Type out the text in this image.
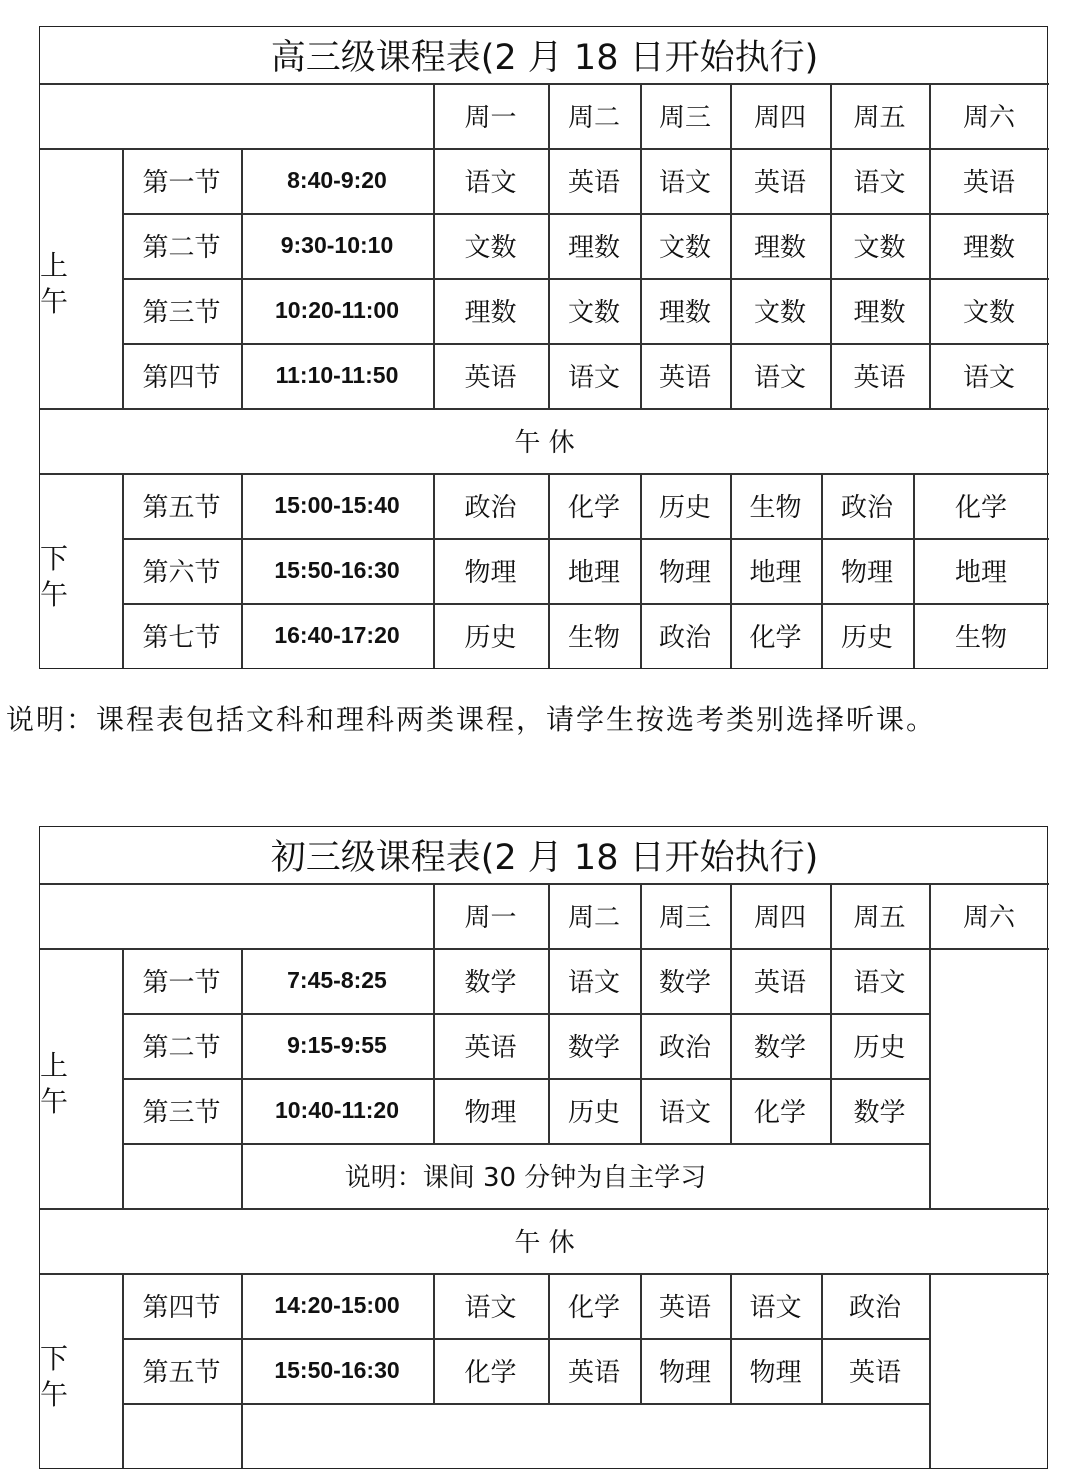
高三级课程表(2 月 18 日开始执行)
周一	周二	周三	周四	周五	周六
第一节	8:40-9:20	语文	英语	语文	英语	语文	英语
第二节	9:30-10:10	文数	理数	文数	理数	文数	理数
第三节	10:20-11:00	理数	文数	理数	文数	理数	文数
第四节	11:10-11:50	英语	语文	英语	语文	英语	语文
上
午
午 休
第五节	15:00-15:40	政治	化学	历史	生物	政治	化学
第六节	15:50-16:30	物理	地理	物理	地理	物理	地理
第七节	16:40-17:20	历史	生物	政治	化学	历史	生物
下
午
说明：课程表包括文科和理科两类课程，请学生按选考类别选择听课。
初三级课程表(2 月 18 日开始执行)
周一	周二	周三	周四	周五	周六
第一节	7:45-8:25	数学	语文	数学	英语	语文
第二节	9:15-9:55	英语	数学	政治	数学	历史
第三节	10:40-11:20	物理	历史	语文	化学	数学
说明：课间 30 分钟为自主学习
上
午
午 休
第四节	14:20-15:00	语文	化学	英语	语文	政治
第五节	15:50-16:30	化学	英语	物理	物理	英语
下
午
